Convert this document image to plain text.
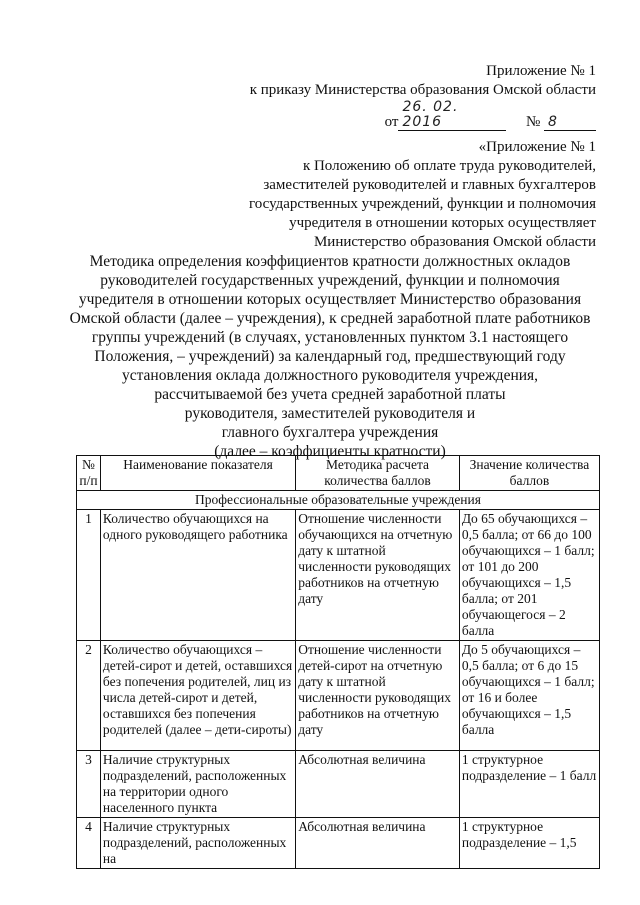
Приложение № 1
к приказу Министерства образования Омской области
от26. 02. 2016	№ 8
«Приложение № 1
к Положению об оплате труда руководителей,
заместителей руководителей и главных бухгалтеров
государственных учреждений, функции и полномочия
учредителя в отношении которых осуществляет
Министерство образования Омской области
Методика определения коэффициентов кратности должностных окладов
руководителей государственных учреждений, функции и полномочия
учредителя в отношении которых осуществляет Министерство образования
Омской области (далее – учреждения), к средней заработной плате работников
группы учреждений (в случаях, установленных пунктом 3.1 настоящего
Положения, – учреждений) за календарный год, предшествующий году
установления оклада должностного руководителя учреждения,
рассчитываемой без учета средней заработной платы
руководителя, заместителей руководителя и
главного бухгалтера учреждения
(далее – коэффициенты кратности)
№ п/п	Наименование показателя	Методика расчета количества баллов	Значение количества баллов
Профессиональные образовательные учреждения			
1	Количество обучающихся на одного руководящего работника	Отношение численности обучающихся на отчетную дату к штатной численности руководящих работников на отчетную дату	До 65 обучающихся – 0,5 балла; от 66 до 100 обучающихся – 1 балл; от 101 до 200 обучающихся – 1,5 балла; от 201 обучающегося – 2 балла
2	Количество обучающихся – детей-сирот и детей, оставшихся без попечения родителей, лиц из числа детей-сирот и детей, оставшихся без попечения родителей (далее – дети-сироты)	Отношение численности детей-сирот на отчетную дату к штатной численности руководящих работников на отчетную дату	До 5 обучающихся – 0,5 балла; от 6 до 15 обучающихся – 1 балл; от 16 и более обучающихся – 1,5 балла
3	Наличие структурных подразделений, расположенных на территории одного населенного пункта	Абсолютная величина	1 структурное подразделение – 1 балл
4	Наличие структурных подразделений, расположенных на	Абсолютная величина	1 структурное подразделение – 1,5
